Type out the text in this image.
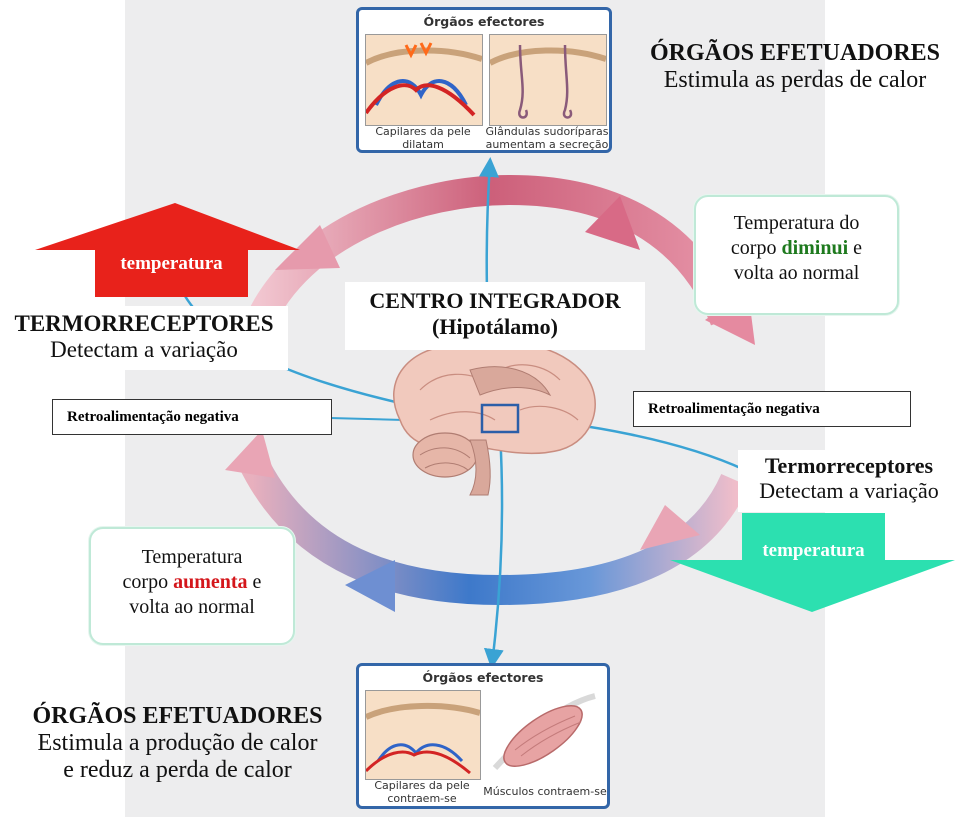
Órgãos efectores
Capilares da pele
dilatam
Glândulas sudoríparas
aumentam a secreção
Órgãos efectores
Capilares da pele
contraem-se
Músculos contraem-se
ÓRGÃOS EFETUADORES
Estimula as perdas de calor
ÓRGÃOS EFETUADORES
Estimula a produção de calor
e reduz a perda de calor
temperatura
temperatura
TERMORRECEPTORES
Detectam a variação
Termorreceptores
Detectam a variação
CENTRO INTEGRADOR
(Hipotálamo)
Retroalimentação negativa	Retroalimentação negativa
Temperatura do
corpo diminui e
volta ao normal
Temperatura
corpo aumenta e
volta ao normal
